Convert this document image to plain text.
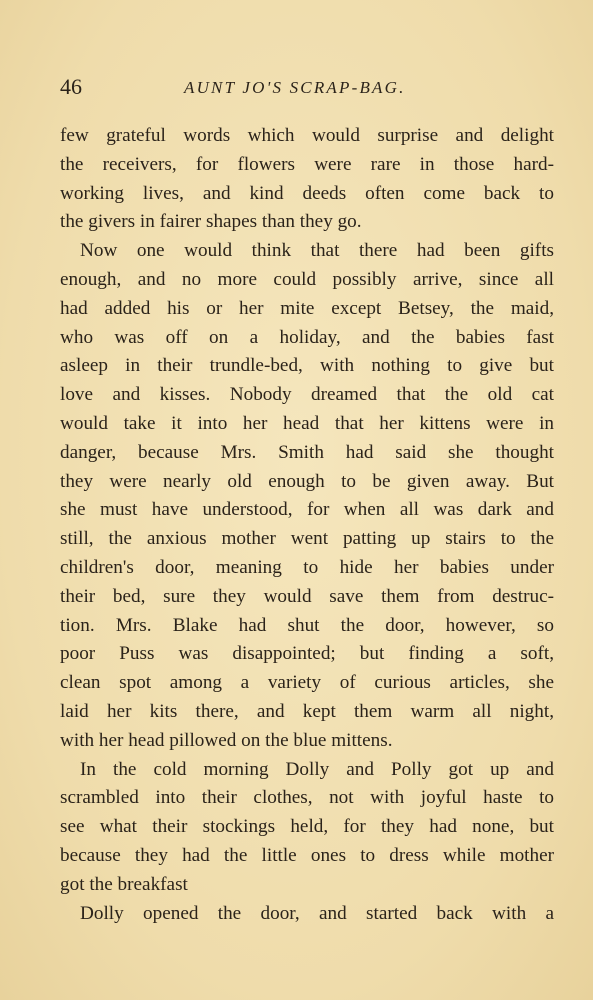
46	AUNT JO'S SCRAP-BAG.
few grateful words which would surprise and delight
the receivers, for flowers were rare in those hard-
working lives, and kind deeds often come back to
the givers in fairer shapes than they go.
Now one would think that there had been gifts
enough, and no more could possibly arrive, since all
had added his or her mite except Betsey, the maid,
who was off on a holiday, and the babies fast
asleep in their trundle-bed, with nothing to give but
love and kisses. Nobody dreamed that the old cat
would take it into her head that her kittens were in
danger, because Mrs. Smith had said she thought
they were nearly old enough to be given away. But
she must have understood, for when all was dark and
still, the anxious mother went patting up stairs to the
children's door, meaning to hide her babies under
their bed, sure they would save them from destruc-
tion. Mrs. Blake had shut the door, however, so
poor Puss was disappointed; but finding a soft,
clean spot among a variety of curious articles, she
laid her kits there, and kept them warm all night,
with her head pillowed on the blue mittens.
In the cold morning Dolly and Polly got up and
scrambled into their clothes, not with joyful haste to
see what their stockings held, for they had none, but
because they had the little ones to dress while mother
got the breakfast
Dolly opened the door, and started back with a
